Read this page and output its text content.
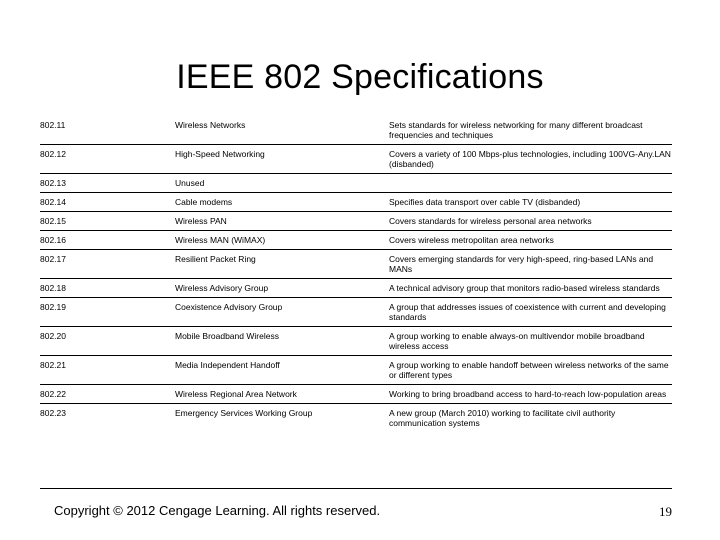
IEEE 802 Specifications
802.11	Wireless Networks	Sets standards for wireless networking for many different broadcast frequencies and techniques
802.12	High-Speed Networking	Covers a variety of 100 Mbps-plus technologies, including 100VG-Any.LAN (disbanded)
802.13	Unused	
802.14	Cable modems	Specifies data transport over cable TV (disbanded)
802.15	Wireless PAN	Covers standards for wireless personal area networks
802.16	Wireless MAN (WiMAX)	Covers wireless metropolitan area networks
802.17	Resilient Packet Ring	Covers emerging standards for very high-speed, ring-based LANs and MANs
802.18	Wireless Advisory Group	A technical advisory group that monitors radio-based wireless standards
802.19	Coexistence Advisory Group	A group that addresses issues of coexistence with current and developing standards
802.20	Mobile Broadband Wireless	A group working to enable always-on multivendor mobile broadband wireless access
802.21	Media Independent Handoff	A group working to enable handoff between wireless networks of the same or different types
802.22	Wireless Regional Area Network	Working to bring broadband access to hard-to-reach low-population areas
802.23	Emergency Services Working Group	A new group (March 2010) working to facilitate civil authority communication systems
Copyright © 2012 Cengage Learning. All rights reserved.	19
